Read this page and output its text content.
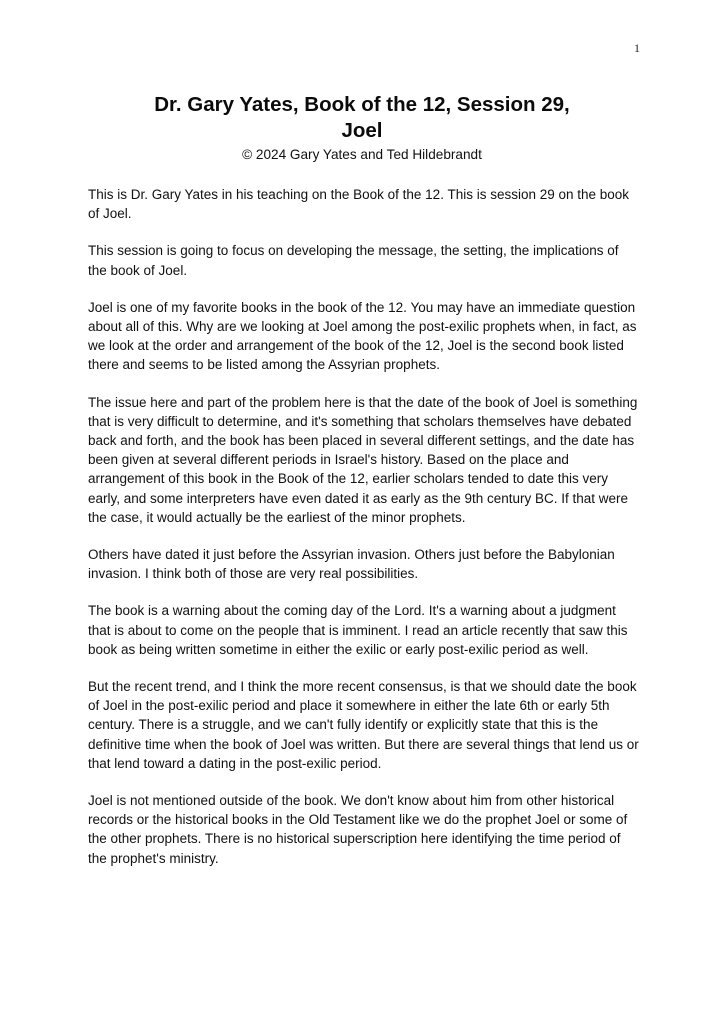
1
Dr. Gary Yates, Book of the 12, Session 29,
Joel
© 2024 Gary Yates and Ted Hildebrandt

This is Dr. Gary Yates in his teaching on the Book of the 12. This is session 29 on the book of Joel.

This session is going to focus on developing the message, the setting, the implications of the book of Joel.

Joel is one of my favorite books in the book of the 12. You may have an immediate question about all of this. Why are we looking at Joel among the post-exilic prophets when, in fact, as we look at the order and arrangement of the book of the 12, Joel is the second book listed there and seems to be listed among the Assyrian prophets.

The issue here and part of the problem here is that the date of the book of Joel is something that is very difficult to determine, and it's something that scholars themselves have debated back and forth, and the book has been placed in several different settings, and the date has been given at several different periods in Israel's history. Based on the place and arrangement of this book in the Book of the 12, earlier scholars tended to date this very early, and some interpreters have even dated it as early as the 9th century BC. If that were the case, it would actually be the earliest of the minor prophets.

Others have dated it just before the Assyrian invasion. Others just before the Babylonian invasion. I think both of those are very real possibilities.

The book is a warning about the coming day of the Lord. It's a warning about a judgment that is about to come on the people that is imminent. I read an article recently that saw this book as being written sometime in either the exilic or early post-exilic period as well.

But the recent trend, and I think the more recent consensus, is that we should date the book of Joel in the post-exilic period and place it somewhere in either the late 6th or early 5th century. There is a struggle, and we can't fully identify or explicitly state that this is the definitive time when the book of Joel was written. But there are several things that lend us or that lend toward a dating in the post-exilic period.

Joel is not mentioned outside of the book. We don't know about him from other historical records or the historical books in the Old Testament like we do the prophet Joel or some of the other prophets. There is no historical superscription here identifying the time period of the prophet's ministry.
